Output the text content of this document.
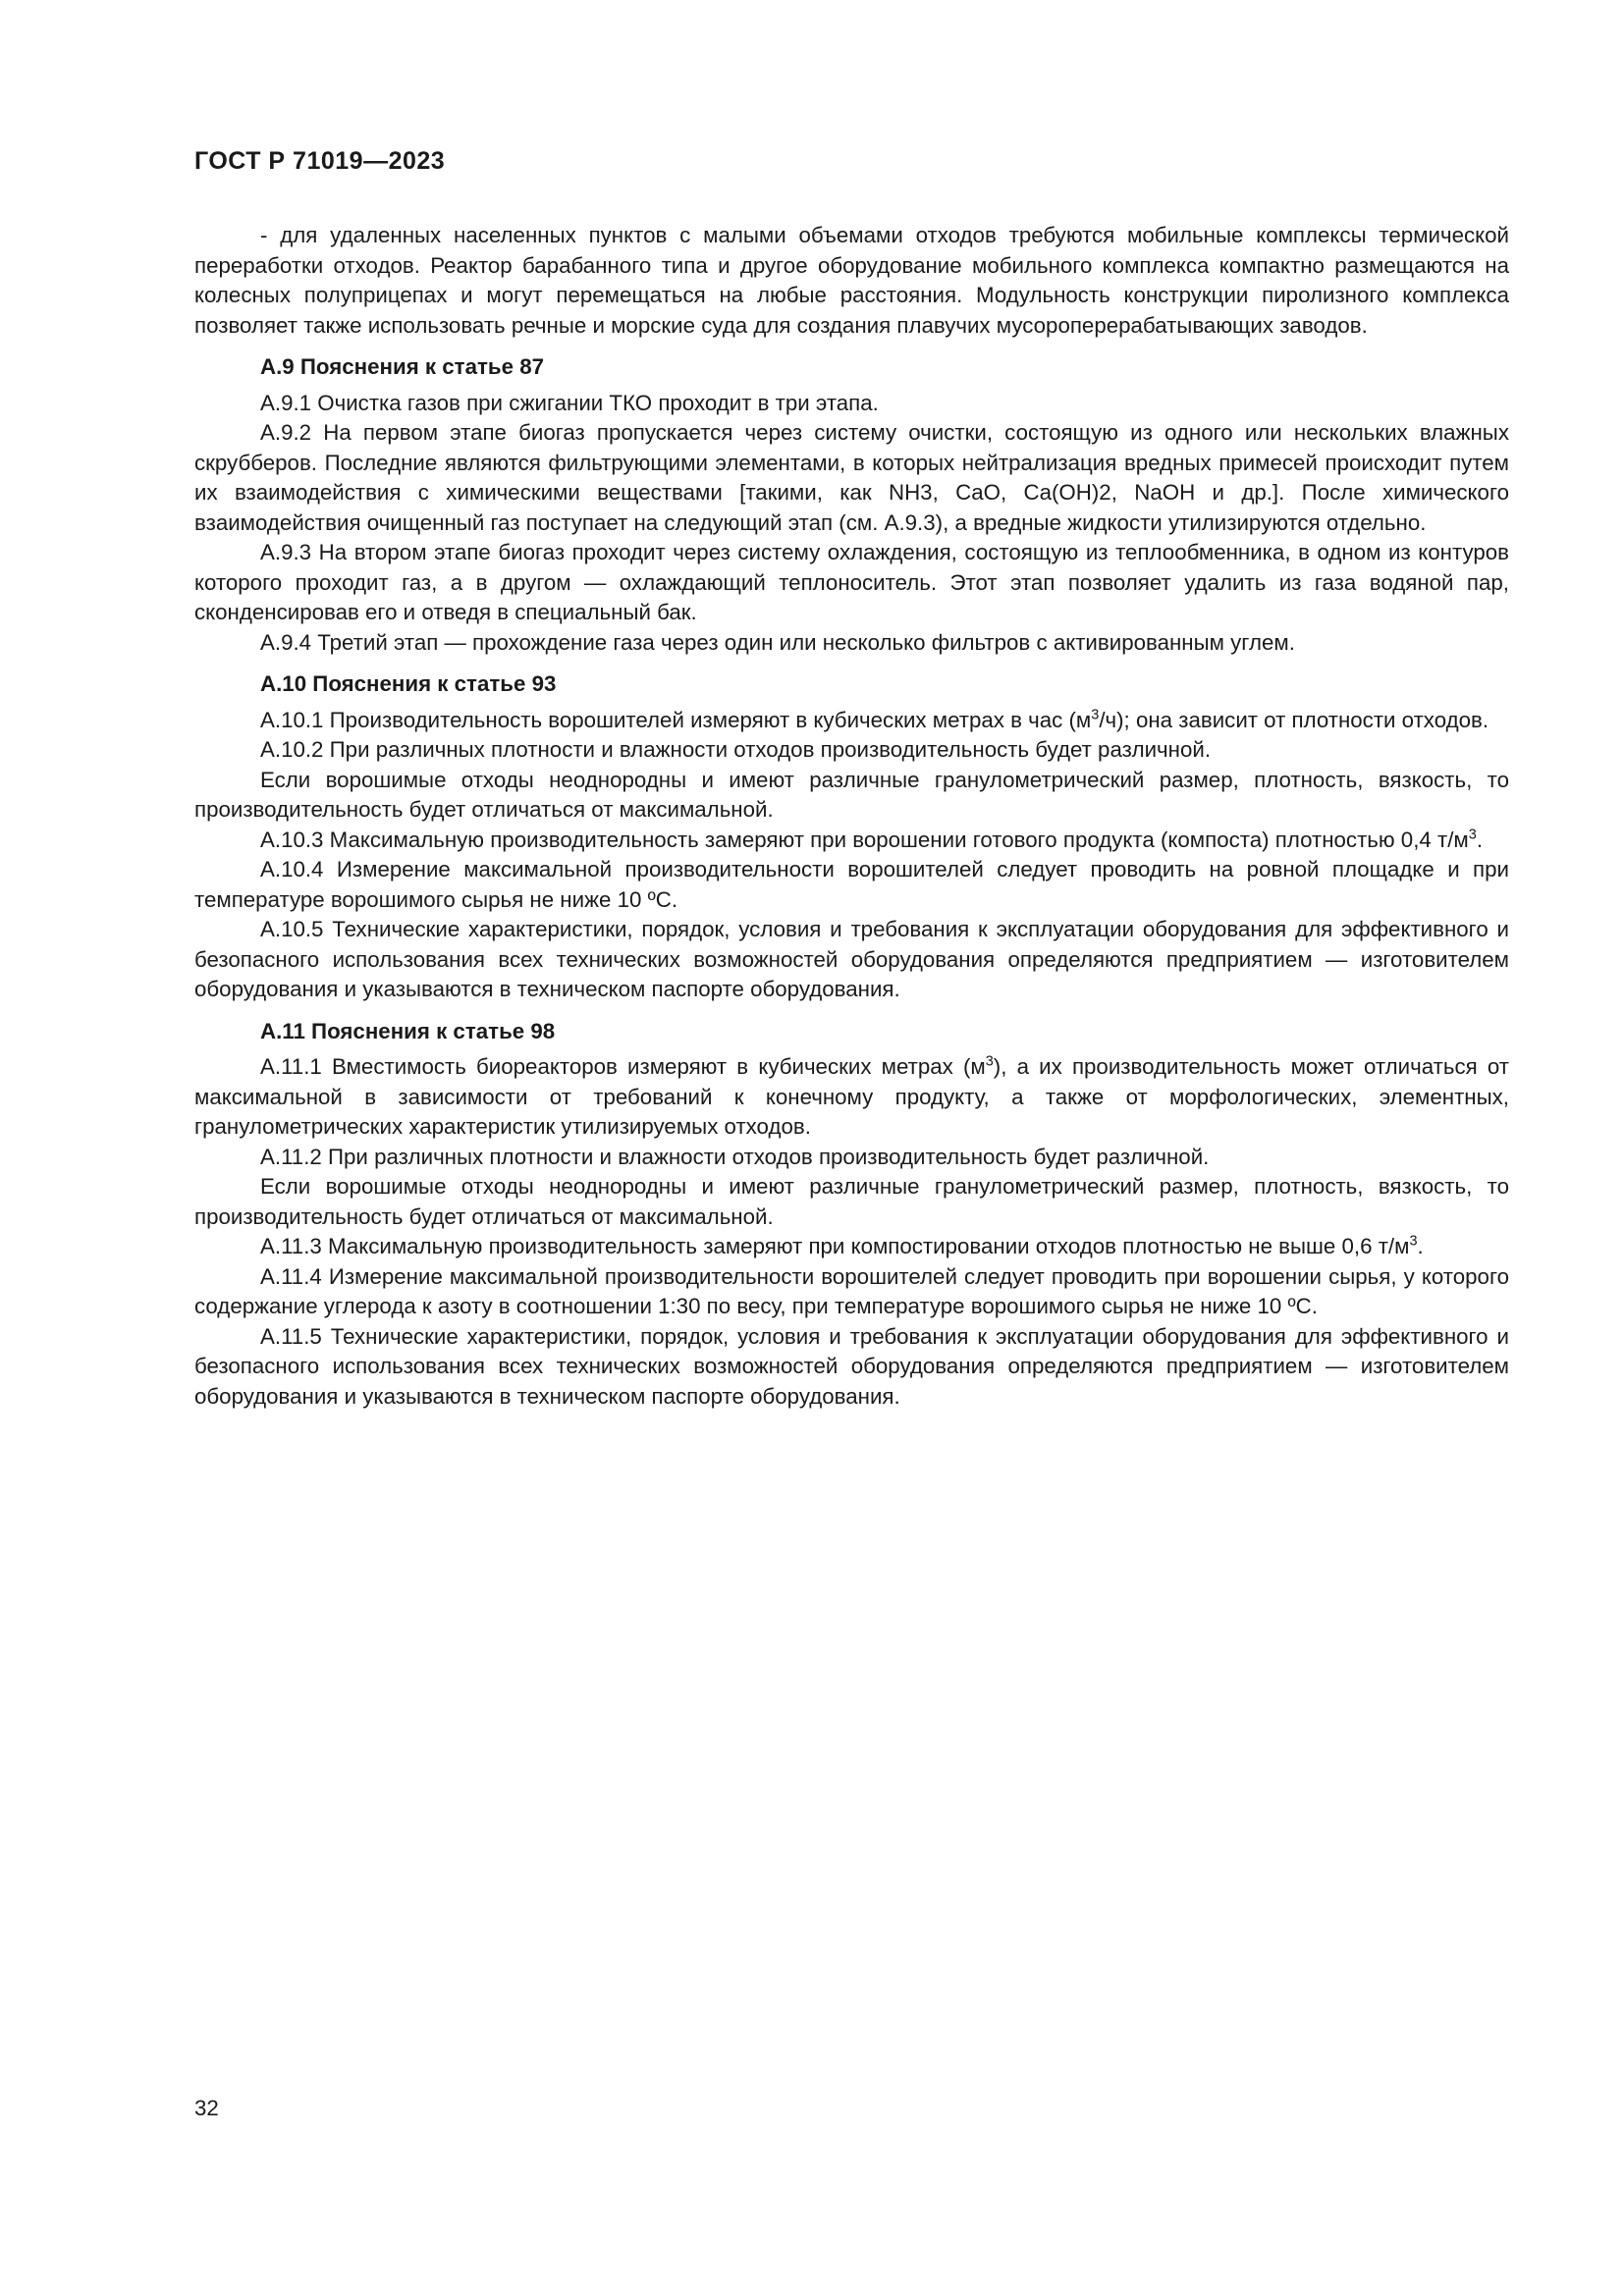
ГОСТ Р 71019—2023

- для удаленных населенных пунктов с малыми объемами отходов требуются мобильные комплексы термической переработки отходов. Реактор барабанного типа и другое оборудование мобильного комплекса компактно размещаются на колесных полуприцепах и могут перемещаться на любые расстояния. Модульность конструкции пиролизного комплекса позволяет также использовать речные и морские суда для создания плавучих мусороперерабатывающих заводов.

А.9 Пояснения к статье 87

А.9.1 Очистка газов при сжигании ТКО проходит в три этапа.

А.9.2 На первом этапе биогаз пропускается через систему очистки, состоящую из одного или нескольких влажных скрубберов. Последние являются фильтрующими элементами, в которых нейтрализация вредных примесей происходит путем их взаимодействия с химическими веществами [такими, как NH3, CaO, Ca(OH)2, NaOH и др.]. После химического взаимодействия очищенный газ поступает на следующий этап (см. А.9.3), а вредные жидкости утилизируются отдельно.

А.9.3 На втором этапе биогаз проходит через систему охлаждения, состоящую из теплообменника, в одном из контуров которого проходит газ, а в другом — охлаждающий теплоноситель. Этот этап позволяет удалить из газа водяной пар, сконденсировав его и отведя в специальный бак.

А.9.4 Третий этап — прохождение газа через один или несколько фильтров с активированным углем.

А.10 Пояснения к статье 93

А.10.1 Производительность ворошителей измеряют в кубических метрах в час $(м^3/ч)$; она зависит от плотности отходов.

А.10.2 При различных плотности и влажности отходов производительность будет различной.

Если ворошимые отходы неоднородны и имеют различные гранулометрический размер, плотность, вязкость, то производительность будет отличаться от максимальной.

А.10.3 Максимальную производительность замеряют при ворошении готового продукта (компоста) плотностью 0,4 $т/м^3$.

А.10.4 Измерение максимальной производительности ворошителей следует проводить на ровной площадке и при температуре ворошимого сырья не ниже 10 ºС.

А.10.5 Технические характеристики, порядок, условия и требования к эксплуатации оборудования для эффективного и безопасного использования всех технических возможностей оборудования определяются предприятием — изготовителем оборудования и указываются в техническом паспорте оборудования.

А.11 Пояснения к статье 98

А.11.1 Вместимость биореакторов измеряют в кубических метрах $(м^3)$, а их производительность может отличаться от максимальной в зависимости от требований к конечному продукту, а также от морфологических, элементных, гранулометрических характеристик утилизируемых отходов.

А.11.2 При различных плотности и влажности отходов производительность будет различной.

Если ворошимые отходы неоднородны и имеют различные гранулометрический размер, плотность, вязкость, то производительность будет отличаться от максимальной.

А.11.3 Максимальную производительность замеряют при компостировании отходов плотностью не выше 0,6 $т/м^3$.

А.11.4 Измерение максимальной производительности ворошителей следует проводить при ворошении сырья, у которого содержание углерода к азоту в соотношении 1:30 по весу, при температуре ворошимого сырья не ниже 10 ºС.

А.11.5 Технические характеристики, порядок, условия и требования к эксплуатации оборудования для эффективного и безопасного использования всех технических возможностей оборудования определяются предприятием — изготовителем оборудования и указываются в техническом паспорте оборудования.

32
